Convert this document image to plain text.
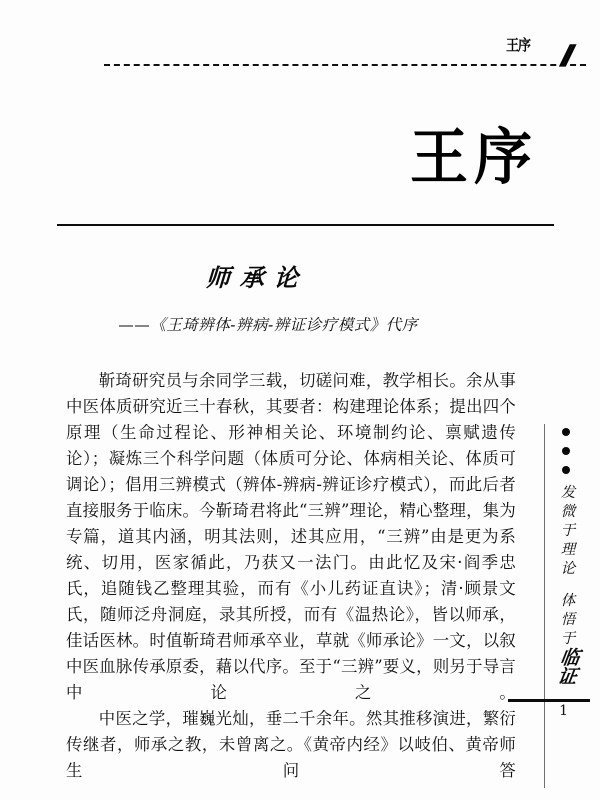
王序 //
王序
师承论
——《王琦辨体-辨病-辨证诊疗模式》代序

靳琦研究员与余同学三载，切磋问难，教学相长。余从事中医体质研究近三十春秋，其要者：构建理论体系；提出四个原理（生命过程论、形神相关论、环境制约论、禀赋遗传论）；凝炼三个科学问题（体质可分论、体病相关论、体质可调论）；倡用三辨模式（辨体-辨病-辨证诊疗模式），而此后者直接服务于临床。今靳琦君将此“三辨”理论，精心整理，集为专篇，道其内涵，明其法则，述其应用，“三辨”由是更为系统、切用，医家循此，乃获又一法门。由此忆及宋·阎季忠氏，追随钱乙整理其验，而有《小儿药证直诀》；清·顾景文氏，随师泛舟洞庭，录其所授，而有《温热论》，皆以师承，佳话医林。时值靳琦君师承卒业，草就《师承论》一文，以叙中医血脉传承原委，藉以代序。至于“三辨”要义，则另于导言中论之。

中医之学，璀巍光灿，垂二千余年。然其推移演进，繁衍传继者，师承之教，未曾离之。《黄帝内经》以岐伯、黄帝师生问答

发微于理 论
体悟于
临证
1
